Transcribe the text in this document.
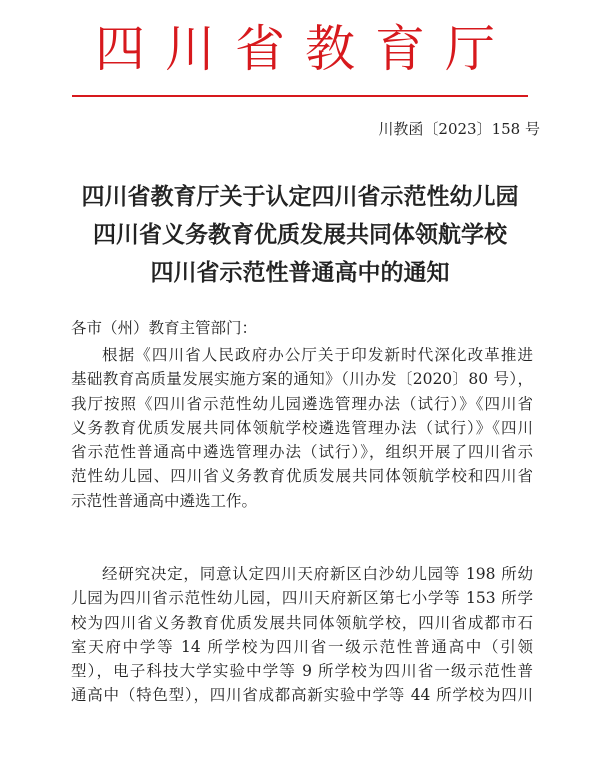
四川省教育厅
川教函〔2023〕158 号
四川省教育厅关于认定四川省示范性幼儿园
四川省义务教育优质发展共同体领航学校
四川省示范性普通高中的通知
各市（州）教育主管部门：
根据《四川省人民政府办公厅关于印发新时代深化改革推进
基础教育高质量发展实施方案的通知》（川办发〔2020〕80 号），
我厅按照《四川省示范性幼儿园遴选管理办法（试行）》《四川省
义务教育优质发展共同体领航学校遴选管理办法（试行）》《四川
省示范性普通高中遴选管理办法（试行）》，组织开展了四川省示
范性幼儿园、四川省义务教育优质发展共同体领航学校和四川省
示范性普通高中遴选工作。
经研究决定，同意认定四川天府新区白沙幼儿园等 198 所幼
儿园为四川省示范性幼儿园，四川天府新区第七小学等 153 所学
校为四川省义务教育优质发展共同体领航学校，四川省成都市石
室天府中学等 14 所学校为四川省一级示范性普通高中（引领
型），电子科技大学实验中学等 9 所学校为四川省一级示范性普
通高中（特色型），四川省成都高新实验中学等 44 所学校为四川
